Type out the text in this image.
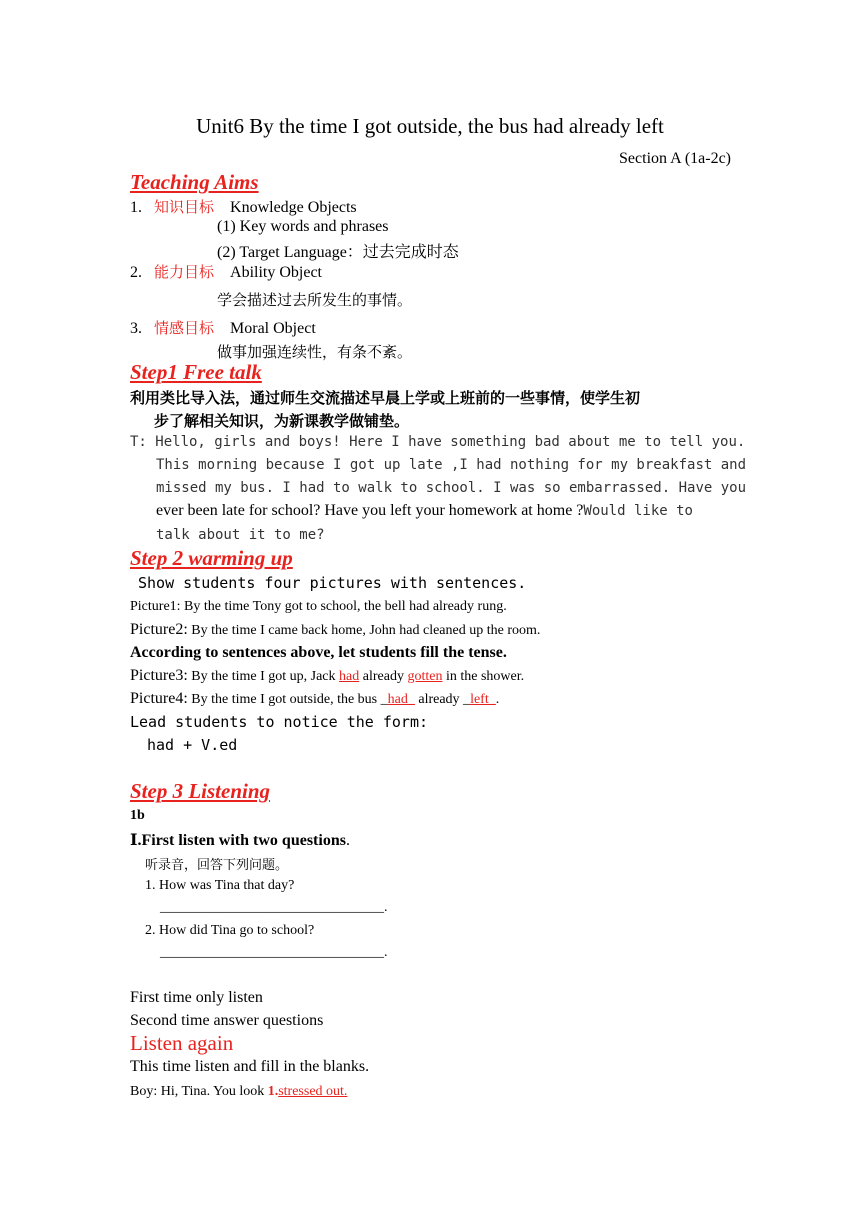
Unit6 By the time I got outside, the bus had already left
Section A (1a-2c)
Teaching Aims
1. 知识目标 Knowledge Objects
(1) Key words and phrases
(2) Target Language：过去完成时态
2. 能力目标 Ability Object
学会描述过去所发生的事情。
3. 情感目标 Moral Object
做事加强连续性，有条不紊。
Step1 Free talk
利用类比导入法，通过师生交流描述早晨上学或上班前的一些事情，使学生初
步了解相关知识，为新课教学做铺垫。
T: Hello, girls and boys! Here I have something bad about me to tell you.
This morning because I got up late ,I had nothing for my breakfast and
missed my bus. I had to walk to school. I was so embarrassed. Have you
ever been late for school? Have you left your homework at home ?Would like to
talk about it to me?
Step 2 warming up
Show students four pictures with sentences.
Picture1: By the time Tony got to school, the bell had already rung.
Picture2: By the time I came back home, John had cleaned up the room.
According to sentences above, let students fill the tense.
Picture3: By the time I got up, Jack had already gotten in the shower.
Picture4: By the time I got outside, the bus _had_ already _left_.
Lead students to notice the form:
had + V.ed
Step 3 Listening
1b
Ⅰ.First listen with two questions.
听录音，回答下列问题。
1. How was Tina that day?
________________________________.
2. How did Tina go to school?
________________________________.
First time only listen
Second time answer questions
Listen again
This time listen and fill in the blanks.
Boy: Hi, Tina. You look 1.stressed out.
